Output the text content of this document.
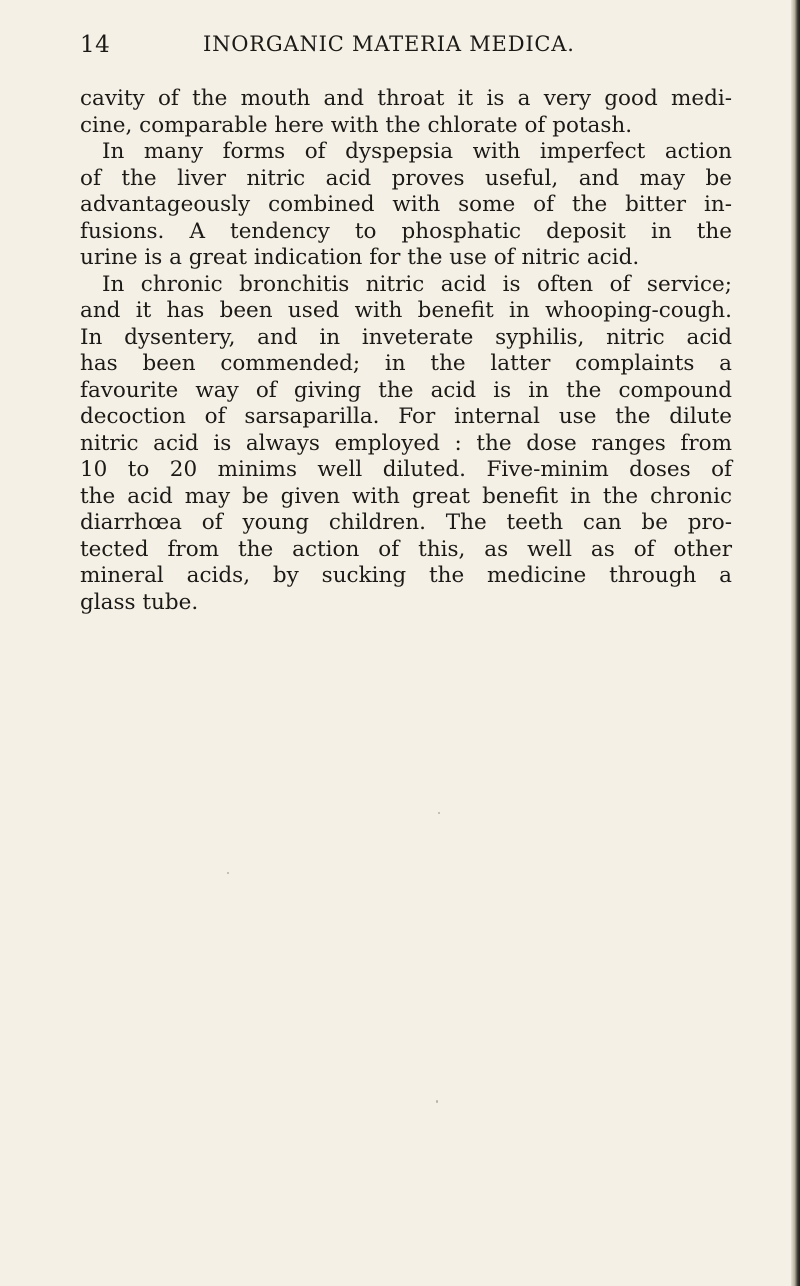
14	INORGANIC MATERIA MEDICA.
cavity of the mouth and throat it is a very good medi-
cine, comparable here with the chlorate of potash.
In many forms of dyspepsia with imperfect action
of the liver nitric acid proves useful, and may be
advantageously combined with some of the bitter in-
fusions. A tendency to phosphatic deposit in the
urine is a great indication for the use of nitric acid.
In chronic bronchitis nitric acid is often of service;
and it has been used with benefit in whooping-cough.
In dysentery, and in inveterate syphilis, nitric acid
has been commended; in the latter complaints a
favourite way of giving the acid is in the compound
decoction of sarsaparilla. For internal use the dilute
nitric acid is always employed : the dose ranges from
10 to 20 minims well diluted. Five-minim doses of
the acid may be given with great benefit in the chronic
diarrhœa of young children. The teeth can be pro-
tected from the action of this, as well as of other
mineral acids, by sucking the medicine through a
glass tube.
